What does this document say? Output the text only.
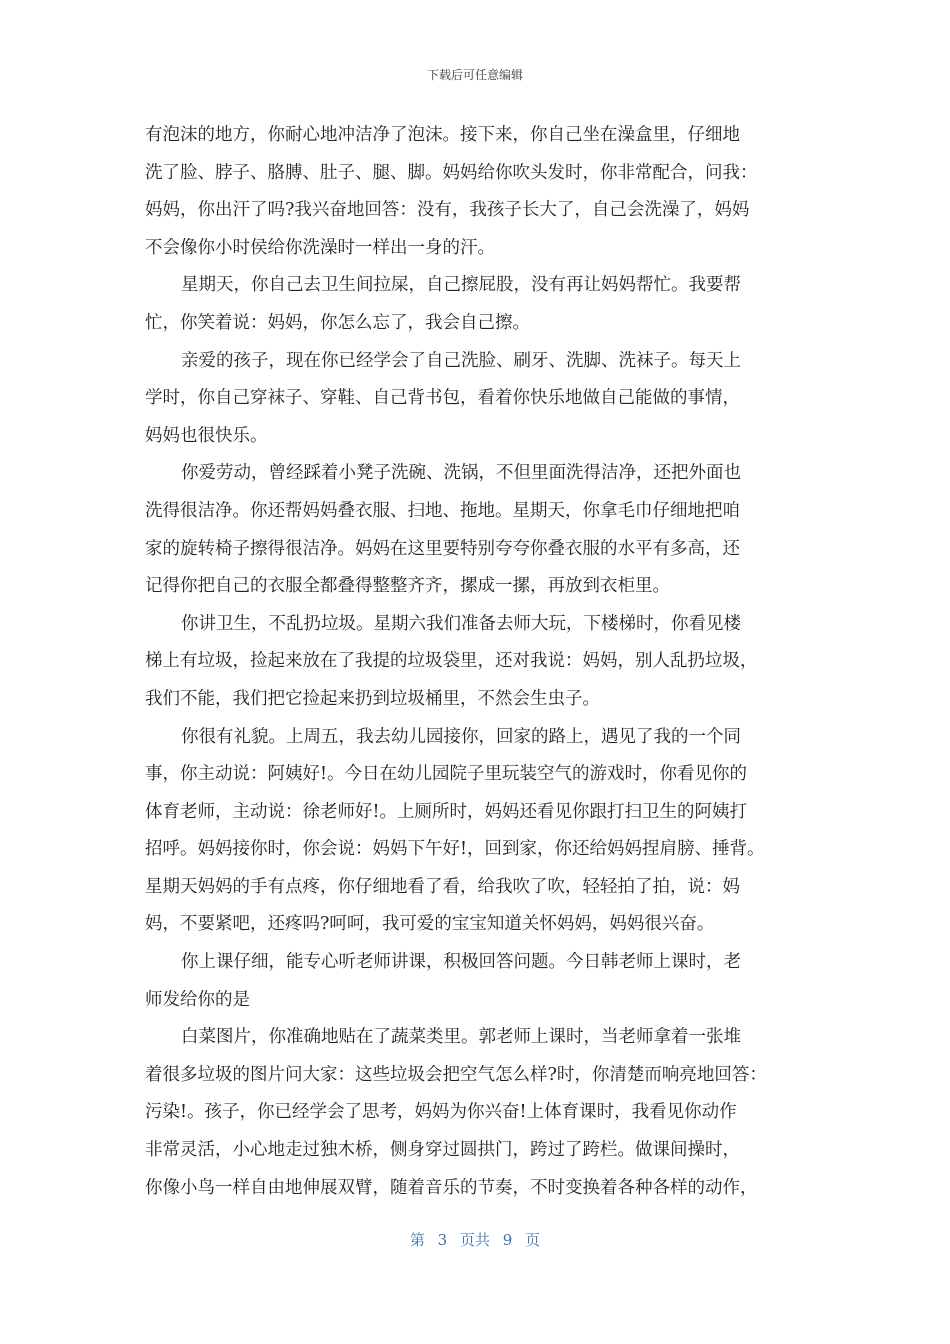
下载后可任意编辑
有泡沫的地方，你耐心地冲洁净了泡沫。接下来，你自己坐在澡盒里，仔细地
洗了脸、脖子、胳膊、肚子、腿、脚。妈妈给你吹头发时，你非常配合，问我：
妈妈，你出汗了吗?我兴奋地回答：没有，我孩子长大了，自己会洗澡了，妈妈
不会像你小时侯给你洗澡时一样出一身的汗。
星期天，你自己去卫生间拉屎，自己擦屁股，没有再让妈妈帮忙。我要帮
忙，你笑着说：妈妈，你怎么忘了，我会自己擦。
亲爱的孩子，现在你已经学会了自己洗脸、刷牙、洗脚、洗袜子。每天上
学时，你自己穿袜子、穿鞋、自己背书包，看着你快乐地做自己能做的事情，
妈妈也很快乐。
你爱劳动，曾经踩着小凳子洗碗、洗锅，不但里面洗得洁净，还把外面也
洗得很洁净。你还帮妈妈叠衣服、扫地、拖地。星期天，你拿毛巾仔细地把咱
家的旋转椅子擦得很洁净。妈妈在这里要特别夸夸你叠衣服的水平有多高，还
记得你把自己的衣服全都叠得整整齐齐，摞成一摞，再放到衣柜里。
你讲卫生，不乱扔垃圾。星期六我们准备去师大玩，下楼梯时，你看见楼
梯上有垃圾，捡起来放在了我提的垃圾袋里，还对我说：妈妈，别人乱扔垃圾，
我们不能，我们把它捡起来扔到垃圾桶里，不然会生虫子。
你很有礼貌。上周五，我去幼儿园接你，回家的路上，遇见了我的一个同
事，你主动说：阿姨好!。今日在幼儿园院子里玩装空气的游戏时，你看见你的
体育老师，主动说：徐老师好!。上厕所时，妈妈还看见你跟打扫卫生的阿姨打
招呼。妈妈接你时，你会说：妈妈下午好!，回到家，你还给妈妈捏肩膀、捶背。
星期天妈妈的手有点疼，你仔细地看了看，给我吹了吹，轻轻拍了拍，说：妈
妈，不要紧吧，还疼吗?呵呵，我可爱的宝宝知道关怀妈妈，妈妈很兴奋。
你上课仔细，能专心听老师讲课，积极回答问题。今日韩老师上课时，老
师发给你的是
白菜图片，你准确地贴在了蔬菜类里。郭老师上课时，当老师拿着一张堆
着很多垃圾的图片问大家：这些垃圾会把空气怎么样?时，你清楚而响亮地回答：
污染!。孩子，你已经学会了思考，妈妈为你兴奋!上体育课时，我看见你动作
非常灵活，小心地走过独木桥，侧身穿过圆拱门，跨过了跨栏。做课间操时，
你像小鸟一样自由地伸展双臂，随着音乐的节奏，不时变换着各种各样的动作，
第 3 页共 9 页
